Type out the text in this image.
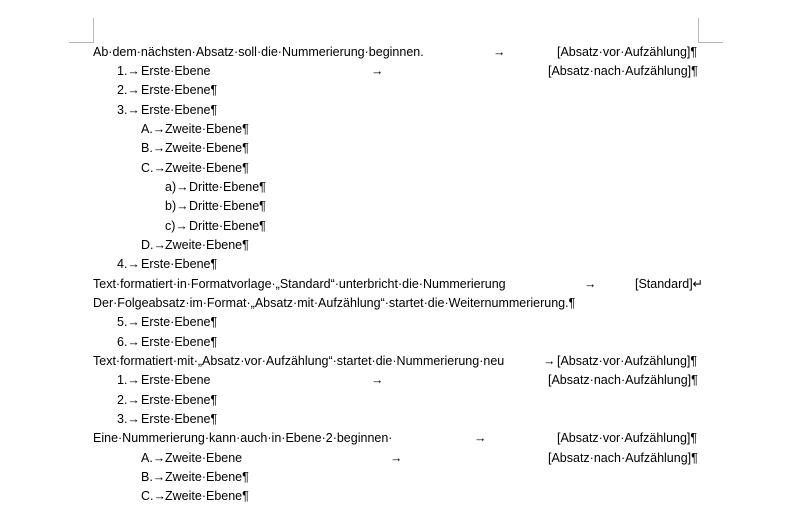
Ab·dem·nächsten·Absatz·soll·die·Nummerierung·beginnen.	→	[Absatz·vor·Aufzählung]¶
1.→ Erste·Ebene	→	[Absatz·nach·Aufzählung]¶
2.→ Erste·Ebene¶
3.→ Erste·Ebene¶
A.→ Zweite·Ebene¶
B.→ Zweite·Ebene¶
C.→ Zweite·Ebene¶
a)→ Dritte·Ebene¶
b)→ Dritte·Ebene¶
c)→ Dritte·Ebene¶
D.→ Zweite·Ebene¶
4.→ Erste·Ebene¶
Text·formatiert·in·Formatvorlage·„Standard“·unterbricht·die·Nummerierung	→	[Standard]↵
Der·Folgeabsatz·im·Format·„Absatz·mit·Aufzählung“·startet·die·Weiternummerierung.¶
5.→ Erste·Ebene¶
6.→ Erste·Ebene¶
Text·formatiert·mit·„Absatz·vor·Aufzählung“·startet·die·Nummerierung·neu	→ [Absatz·vor·Aufzählung]¶
1.→ Erste·Ebene	→	[Absatz·nach·Aufzählung]¶
2.→ Erste·Ebene¶
3.→ Erste·Ebene¶
Eine·Nummerierung·kann·auch·in·Ebene·2·beginnen·	→	[Absatz·vor·Aufzählung]¶
A.→ Zweite·Ebene	→	[Absatz·nach·Aufzählung]¶
B.→ Zweite·Ebene¶
C.→ Zweite·Ebene¶
